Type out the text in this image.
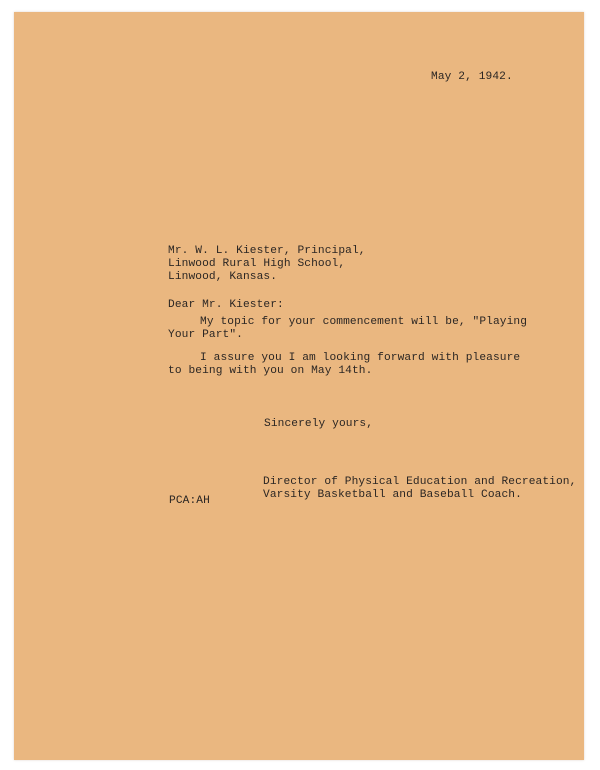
May 2, 1942.
Mr. W. L. Kiester, Principal,
Linwood Rural High School,
Linwood, Kansas.
Dear Mr. Kiester:
My topic for your commencement will be, "Playing
Your Part".
I assure you I am looking forward with pleasure
to being with you on May 14th.
Sincerely yours,
Director of Physical Education and Recreation,
Varsity Basketball and Baseball Coach.
PCA:AH
